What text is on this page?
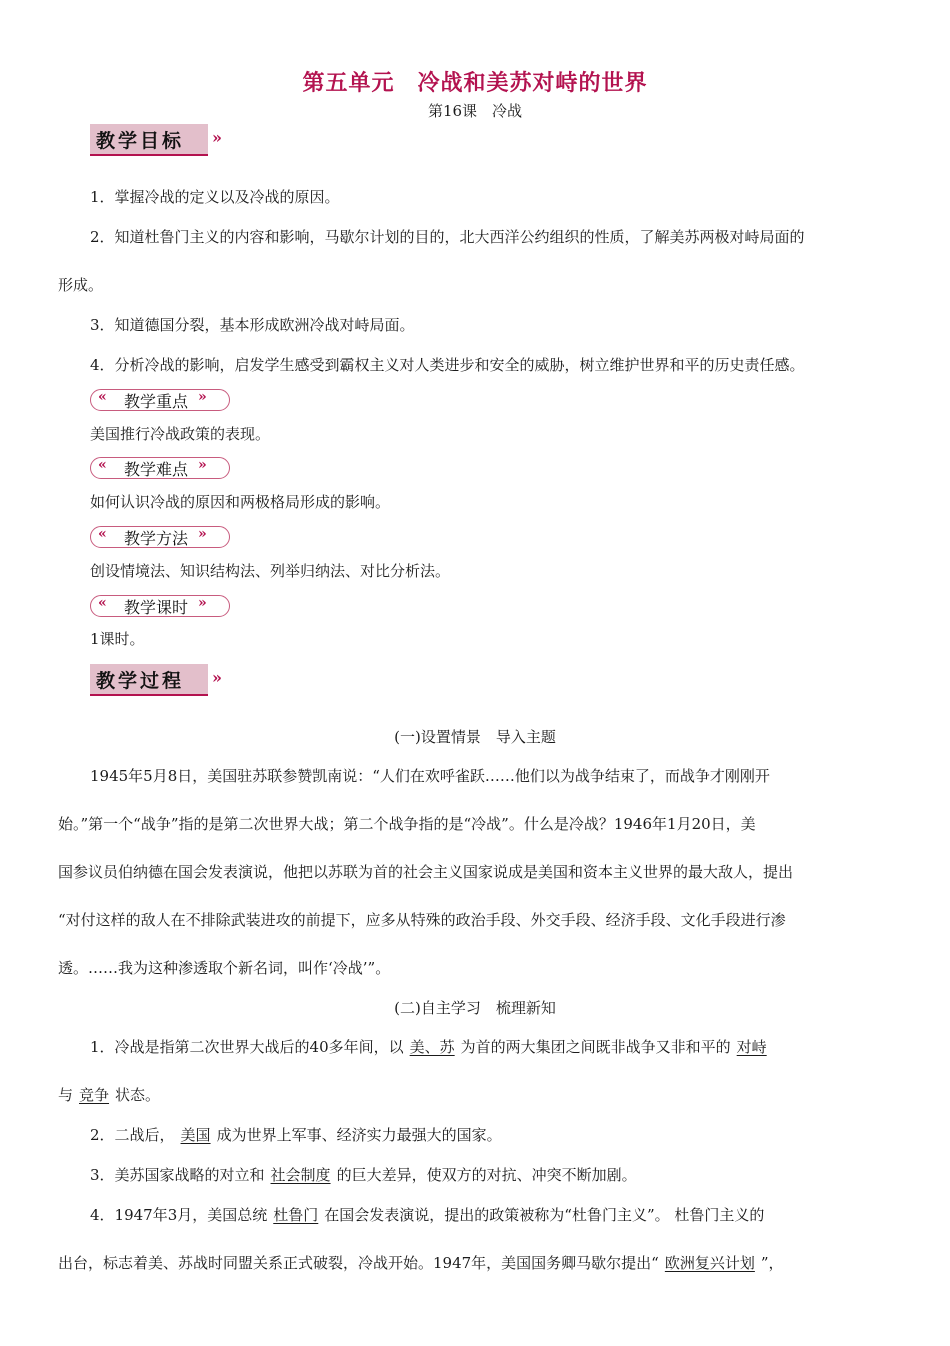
第五单元　冷战和美苏对峙的世界
第16课　冷战
教学目标 »
1．掌握冷战的定义以及冷战的原因。
2．知道杜鲁门主义的内容和影响，马歇尔计划的目的，北大西洋公约组织的性质，了解美苏两极对峙局面的
形成。
3．知道德国分裂，基本形成欧洲冷战对峙局面。
4．分析冷战的影响，启发学生感受到霸权主义对人类进步和安全的威胁，树立维护世界和平的历史责任感。
« 教学重点 »
美国推行冷战政策的表现。
« 教学难点 »
如何认识冷战的原因和两极格局形成的影响。
« 教学方法 »
创设情境法、知识结构法、列举归纳法、对比分析法。
« 教学课时 »
1课时。
教学过程 »
(一)设置情景　导入主题
1945年5月8日，美国驻苏联参赞凯南说：“人们在欢呼雀跃……他们以为战争结束了，而战争才刚刚开
始。”第一个“战争”指的是第二次世界大战；第二个战争指的是“冷战”。什么是冷战？1946年1月20日，美
国参议员伯纳德在国会发表演说，他把以苏联为首的社会主义国家说成是美国和资本主义世界的最大敌人，提出
“对付这样的敌人在不排除武装进攻的前提下，应多从特殊的政治手段、外交手段、经济手段、文化手段进行渗
透。……我为这种渗透取个新名词，叫作‘冷战’”。
(二)自主学习　梳理新知
1．冷战是指第二次世界大战后的40多年间，以 美、苏 为首的两大集团之间既非战争又非和平的 对峙
与 竞争 状态。
2．二战后， 美国 成为世界上军事、经济实力最强大的国家。
3．美苏国家战略的对立和 社会制度 的巨大差异，使双方的对抗、冲突不断加剧。
4．1947年3月，美国总统 杜鲁门 在国会发表演说，提出的政策被称为“杜鲁门主义”。 杜鲁门主义的
出台，标志着美、苏战时同盟关系正式破裂，冷战开始。1947年，美国国务卿马歇尔提出“ 欧洲复兴计划 ”，
